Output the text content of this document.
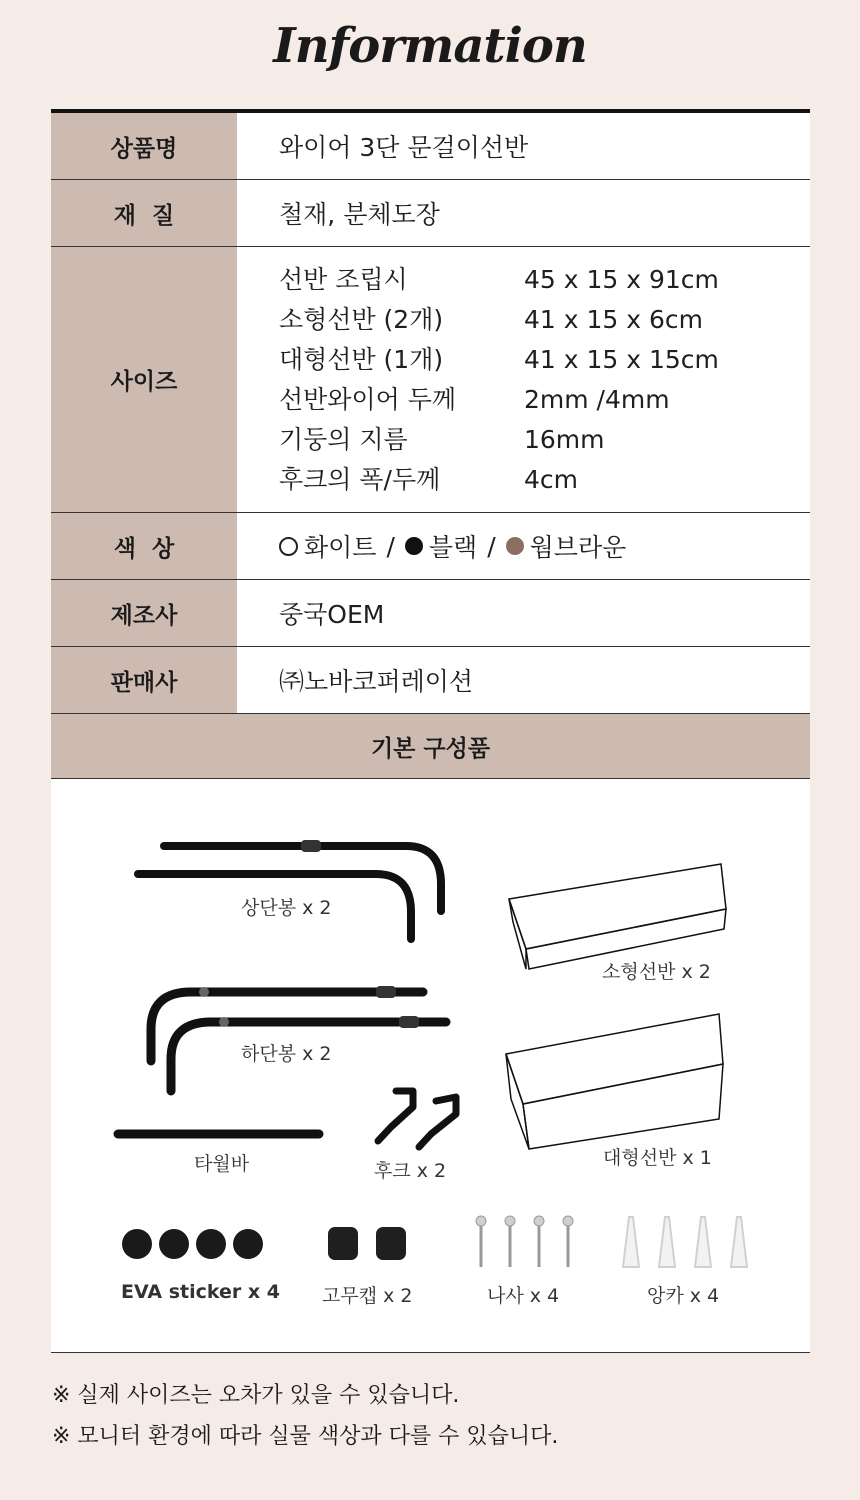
Information
상품명	와이어 3단 문걸이선반
재  질	철재, 분체도장
사이즈
선반 조립시	45 x 15 x 91cm
소형선반 (2개)	41 x 15 x 6cm
대형선반 (1개)	41 x 15 x 15cm
선반와이어 두께	2mm /4mm
기둥의 지름	16mm
후크의 폭/두께	4cm
색  상	화이트 / 블랙 / 웜브라운
제조사	중국OEM
판매사	㈜노바코퍼레이션
기본 구성품
상단봉 x 2
소형선반 x 2
하단봉 x 2
타월바	후크 x 2
대형선반 x 1
EVA sticker x 4 고무캡 x 2	나사 x 4	앙카 x 4
※ 실제 사이즈는 오차가 있을 수 있습니다.
※ 모니터 환경에 따라 실물 색상과 다를 수 있습니다.
